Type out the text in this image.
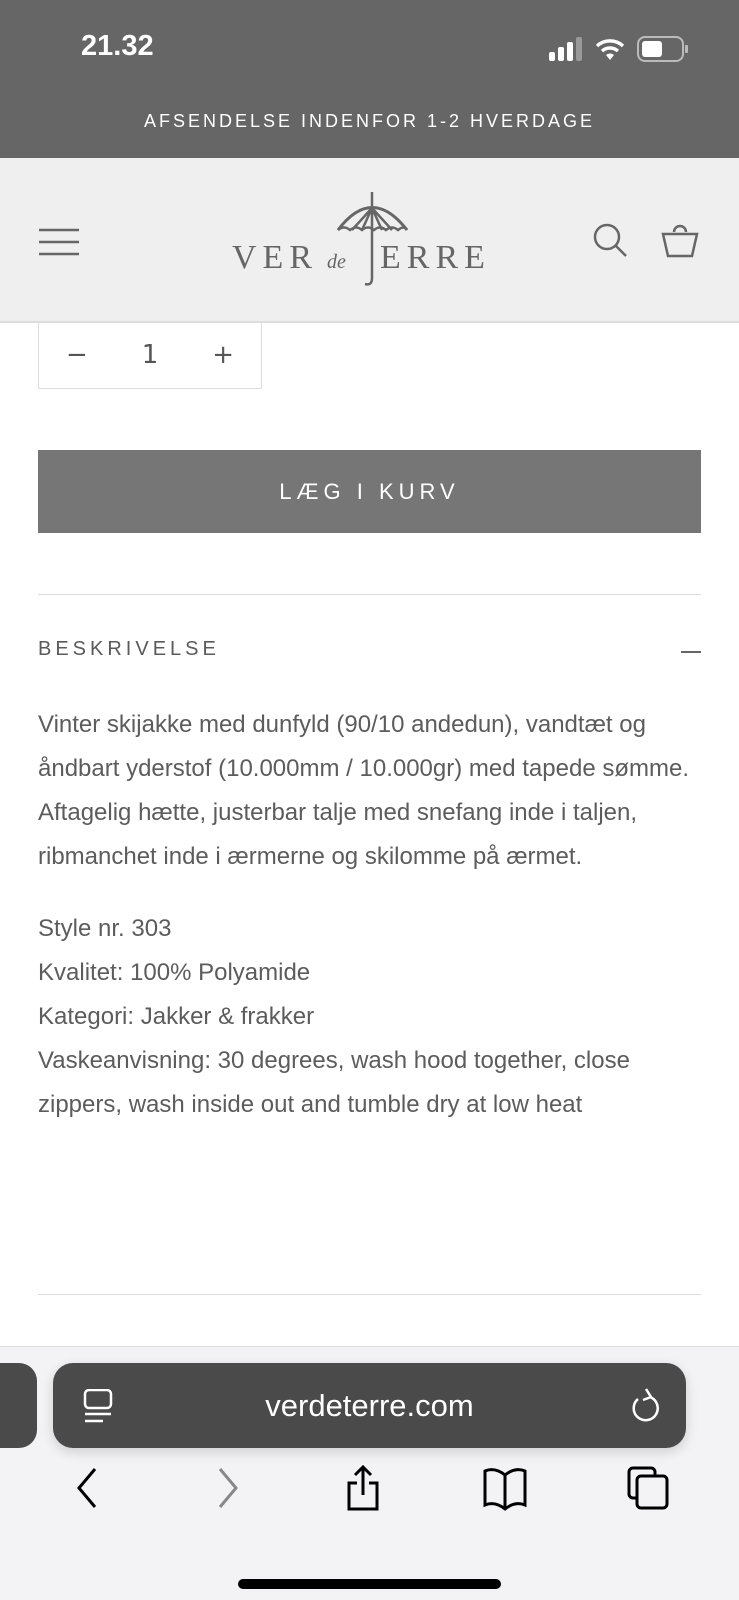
21.32
AFSENDELSE INDENFOR 1-2 HVERDAGE
VER de ERRE
− 1 +
LÆG I KURV
BESKRIVELSE

Vinter skijakke med dunfyld (90/10 andedun), vandtæt og åndbart yderstof (10.000mm / 10.000gr) med tapede sømme.
Aftagelig hætte, justerbar talje med snefang inde i taljen, ribmanchet inde i ærmerne og skilomme på ærmet.

Style nr. 303
Kvalitet: 100% Polyamide
Kategori: Jakker & frakker
Vaskeanvisning: 30 degrees, wash hood together, close zippers, wash inside out and tumble dry at low heat
verdeterre.com
